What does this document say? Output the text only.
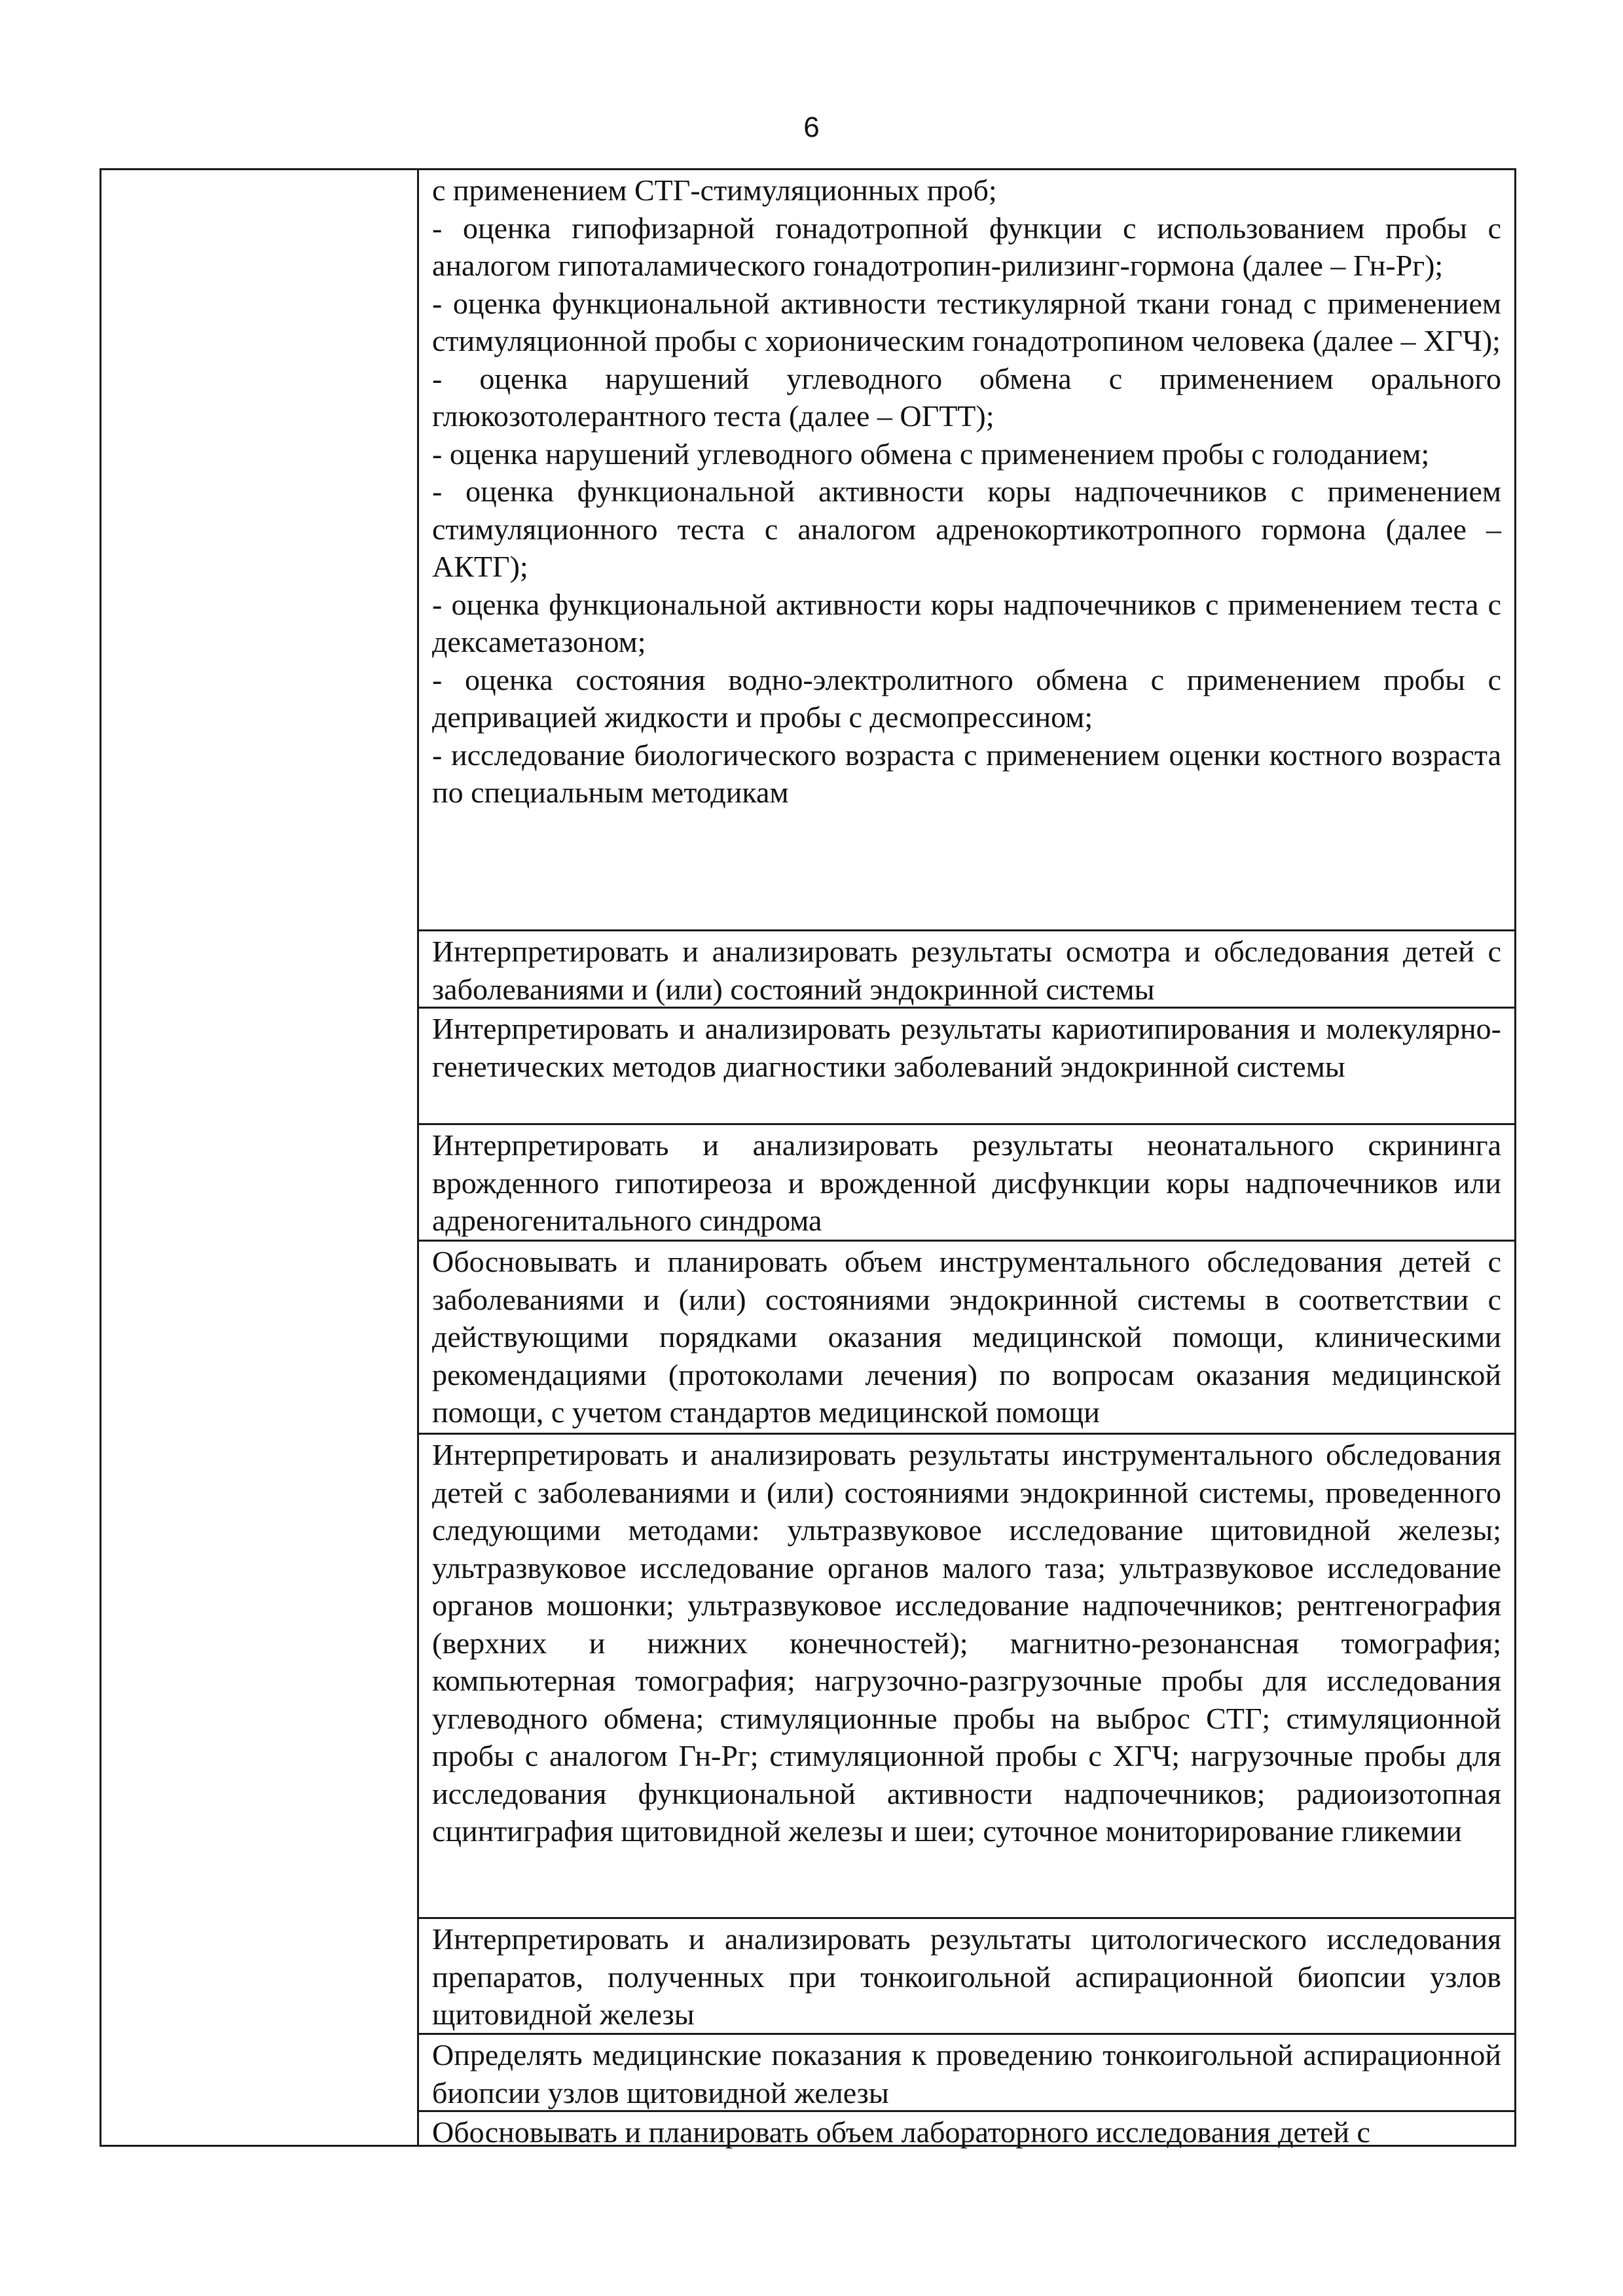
6

с применением СТГ-стимуляционных проб;

- оценка гипофизарной гонадотропной функции с использованием пробы с аналогом гипоталамического гонадотропин-рилизинг-гормона (далее – Гн-Рг);

- оценка функциональной активности тестикулярной ткани гонад с применением стимуляционной пробы с хорионическим гонадотропином человека (далее – ХГЧ);

- оценка нарушений углеводного обмена с применением орального глюкозотолерантного теста (далее – ОГТТ);

- оценка нарушений углеводного обмена с применением пробы с голоданием;

- оценка функциональной активности коры надпочечников с применением стимуляционного теста с аналогом адренокортикотропного гормона (далее – АКТГ);

- оценка функциональной активности коры надпочечников с применением теста с дексаметазоном;

- оценка состояния водно-электролитного обмена с применением пробы с депривацией жидкости и пробы с десмопрессином;

- исследование биологического возраста с применением оценки костного возраста по специальным методикам

Интерпретировать и анализировать результаты осмотра и обследования детей с заболеваниями и (или) состояний эндокринной системы

Интерпретировать и анализировать результаты кариотипирования и молекулярно-генетических методов диагностики заболеваний эндокринной системы

Интерпретировать и анализировать результаты неонатального скрининга врожденного гипотиреоза и врожденной дисфункции коры надпочечников или адреногенитального синдрома

Обосновывать и планировать объем инструментального обследования детей с заболеваниями и (или) состояниями эндокринной системы в соответствии с действующими порядками оказания медицинской помощи, клиническими рекомендациями (протоколами лечения) по вопросам оказания медицинской помощи, с учетом стандартов медицинской помощи

Интерпретировать и анализировать результаты инструментального обследования детей с заболеваниями и (или) состояниями эндокринной системы, проведенного следующими методами: ультразвуковое исследование щитовидной железы; ультразвуковое исследование органов малого таза; ультразвуковое исследование органов мошонки; ультразвуковое исследование надпочечников; рентгенография (верхних и нижних конечностей); магнитно-резонансная томография; компьютерная томография; нагрузочно-разгрузочные пробы для исследования углеводного обмена; стимуляционные пробы на выброс СТГ; стимуляционной пробы с аналогом Гн-Рг; стимуляционной пробы с ХГЧ; нагрузочные пробы для исследования функциональной активности надпочечников; радиоизотопная сцинтиграфия щитовидной железы и шеи; суточное мониторирование гликемии

Интерпретировать и анализировать результаты цитологического исследования препаратов, полученных при тонкоигольной аспирационной биопсии узлов щитовидной железы

Определять медицинские показания к проведению тонкоигольной аспирационной биопсии узлов щитовидной железы

Обосновывать и планировать объем лабораторного исследования детей с
